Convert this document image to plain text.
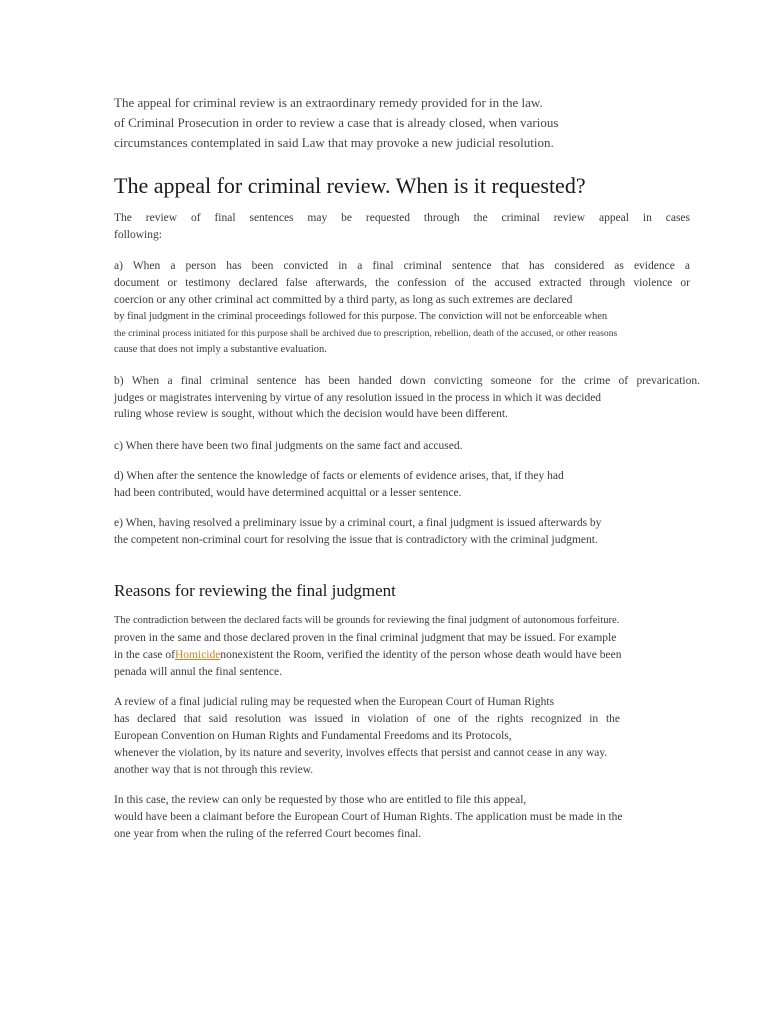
The appeal for criminal review is an extraordinary remedy provided for in the law.
of Criminal Prosecution in order to review a case that is already closed, when various
circumstances contemplated in said Law that may provoke a new judicial resolution.
The appeal for criminal review. When is it requested?
The review of final sentences may be requested through the criminal review appeal in cases
following:
a) When a person has been convicted in a final criminal sentence that has considered as evidence a
document or testimony declared false afterwards, the confession of the accused extracted through violence or
coercion or any other criminal act committed by a third party, as long as such extremes are declared
by final judgment in the criminal proceedings followed for this purpose. The conviction will not be enforceable when
the criminal process initiated for this purpose shall be archived due to prescription, rebellion, death of the accused, or other reasons
cause that does not imply a substantive evaluation.
b) When a final criminal sentence has been handed down convicting someone for the crime of prevarication.
judges or magistrates intervening by virtue of any resolution issued in the process in which it was decided
ruling whose review is sought, without which the decision would have been different.
c) When there have been two final judgments on the same fact and accused.
d) When after the sentence the knowledge of facts or elements of evidence arises, that, if they had
had been contributed, would have determined acquittal or a lesser sentence.
e) When, having resolved a preliminary issue by a criminal court, a final judgment is issued afterwards by
the competent non-criminal court for resolving the issue that is contradictory with the criminal judgment.
Reasons for reviewing the final judgment
The contradiction between the declared facts will be grounds for reviewing the final judgment of autonomous forfeiture.
proven in the same and those declared proven in the final criminal judgment that may be issued. For example
in the case ofHomicidenonexistent the Room, verified the identity of the person whose death would have been
penada will annul the final sentence.
A review of a final judicial ruling may be requested when the European Court of Human Rights
has declared that said resolution was issued in violation of one of the rights recognized in the
European Convention on Human Rights and Fundamental Freedoms and its Protocols,
whenever the violation, by its nature and severity, involves effects that persist and cannot cease in any way.
another way that is not through this review.
In this case, the review can only be requested by those who are entitled to file this appeal,
would have been a claimant before the European Court of Human Rights. The application must be made in the
one year from when the ruling of the referred Court becomes final.
